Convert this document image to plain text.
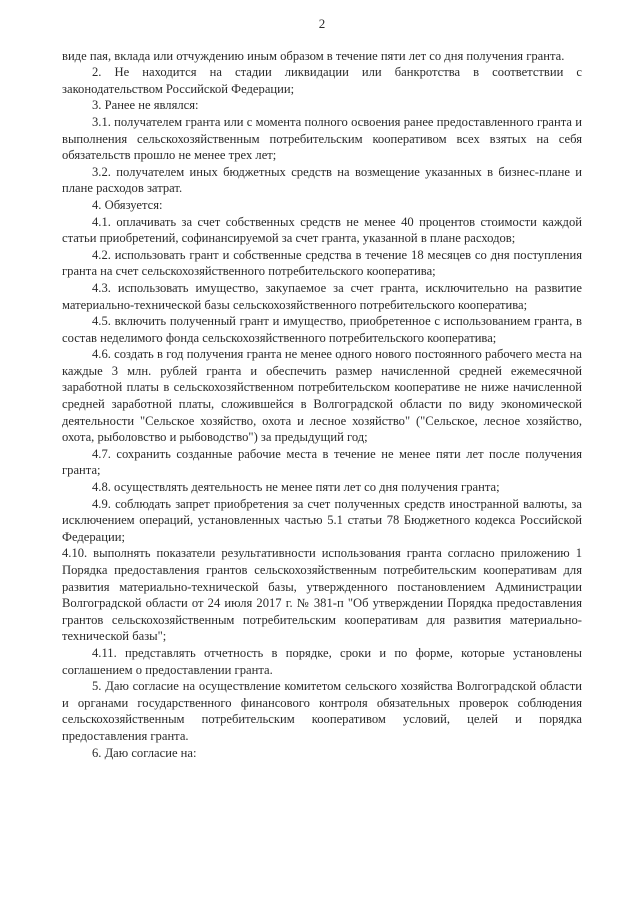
2

виде пая, вклада или отчуждению иным образом в течение пяти лет со дня получения гранта.

2. Не находится на стадии ликвидации или банкротства в соответствии с законодательством Российской Федерации;

3. Ранее не являлся:

3.1. получателем гранта или с момента полного освоения ранее предоставленного гранта и выполнения сельскохозяйственным потребительским кооперативом всех взятых на себя обязательств прошло не менее трех лет;

3.2. получателем иных бюджетных средств на возмещение указанных в бизнес-плане и плане расходов затрат.

4. Обязуется:

4.1. оплачивать за счет собственных средств не менее 40 процентов стоимости каждой статьи приобретений, софинансируемой за счет гранта, указанной в плане расходов;

4.2. использовать грант и собственные средства в течение 18 месяцев со дня поступления гранта на счет сельскохозяйственного потребительского кооператива;

4.3. использовать имущество, закупаемое за счет гранта, исключительно на развитие материально-технической базы сельскохозяйственного потребительского кооператива;

4.5. включить полученный грант и имущество, приобретенное с использованием гранта, в состав неделимого фонда сельскохозяйственного потребительского кооператива;

4.6. создать в год получения гранта не менее одного нового постоянного рабочего места на каждые 3 млн. рублей гранта и обеспечить размер начисленной средней ежемесячной заработной платы в сельскохозяйственном потребительском кооперативе не ниже начисленной средней заработной платы, сложившейся в Волгоградской области по виду экономической деятельности "Сельское хозяйство, охота и лесное хозяйство" ("Сельское, лесное хозяйство, охота, рыболовство и рыбоводство") за предыдущий год;

4.7. сохранить созданные рабочие места в течение не менее пяти лет после получения гранта;

4.8. осуществлять деятельность не менее пяти лет со дня получения гранта;

4.9. соблюдать запрет приобретения за счет полученных средств иностранной валюты, за исключением операций, установленных частью 5.1 статьи 78 Бюджетного кодекса Российской Федерации;

4.10. выполнять показатели результативности использования гранта согласно приложению 1 Порядка предоставления грантов сельскохозяйственным потребительским кооперативам для развития материально-технической базы, утвержденного постановлением Администрации Волгоградской области от 24 июля 2017 г. № 381-п "Об утверждении Порядка предоставления грантов сельскохозяйственным потребительским кооперативам для развития материально-технической базы";

4.11. представлять отчетность в порядке, сроки и по форме, которые установлены соглашением о предоставлении гранта.

5. Даю согласие на осуществление комитетом сельского хозяйства Волгоградской области и органами государственного финансового контроля обязательных проверок соблюдения сельскохозяйственным потребительским кооперативом условий, целей и порядка предоставления гранта.

6. Даю согласие на:
